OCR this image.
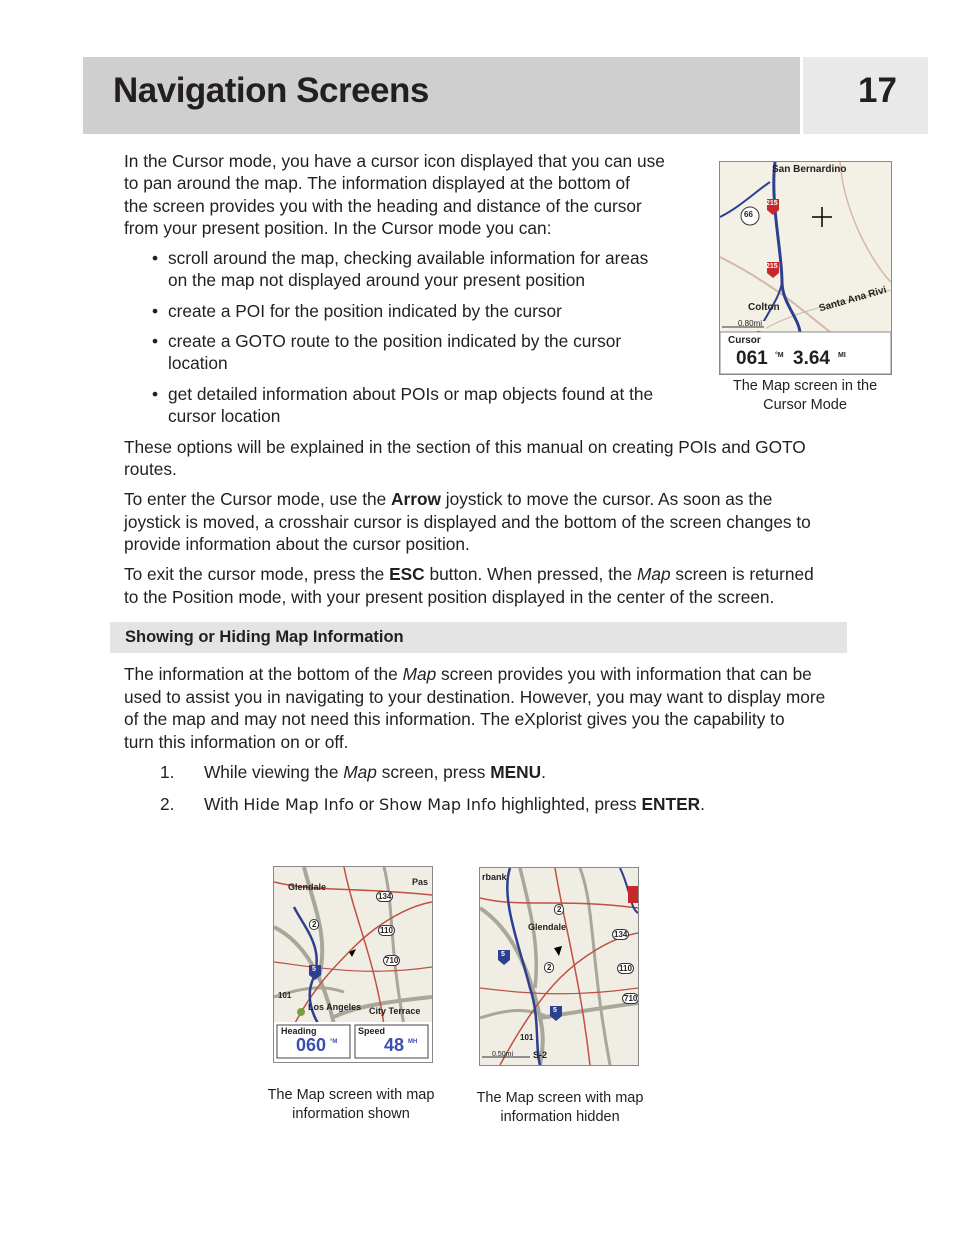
Navigation Screens	17
In the Cursor mode, you have a cursor icon displayed that you can use
to pan around the map. The information displayed at the bottom of
the screen provides you with the heading and distance of the cursor
from your present position. In the Cursor mode you can:
• scroll around the map, checking available information for areas
on the map not displayed around your present position
• create a POI for the position indicated by the cursor
• create a GOTO route to the position indicated by the cursor
location
• get detailed information about POIs or map objects found at the
cursor location
San Bernardino
66
215
215
Colton	Santa Ana Rivi
0.80mi
Cursor
061 °M 3.64 MI
The Map screen in the
Cursor Mode
These options will be explained in the section of this manual on creating POIs and GOTO
routes.
To enter the Cursor mode, use the Arrow joystick to move the cursor. As soon as the
joystick is moved, a crosshair cursor is displayed and the bottom of the screen changes to
provide information about the cursor position.
To exit the cursor mode, press the ESC button. When pressed, the Map screen is returned
to the Position mode, with your present position displayed in the center of the screen.
Showing or Hiding Map Information
The information at the bottom of the Map screen provides you with information that can be
used to assist you in navigating to your destination. However, you may want to display more
of the map and may not need this information. The eXplorist gives you the capability to
turn this information on or off.
1. While viewing the Map screen, press MENU.
2. With Hide Map Info or Show Map Info highlighted, press ENTER.
Glendale	Pas
134
2
110
710
5
101
Los Angeles City Terrace
Heading
060 °M
Speed
48 MH
The Map screen with map
information shown
rbank
2
Glendale
134
5
2	110
710
5
101
0.50mi S-2
The Map screen with map
information hidden
